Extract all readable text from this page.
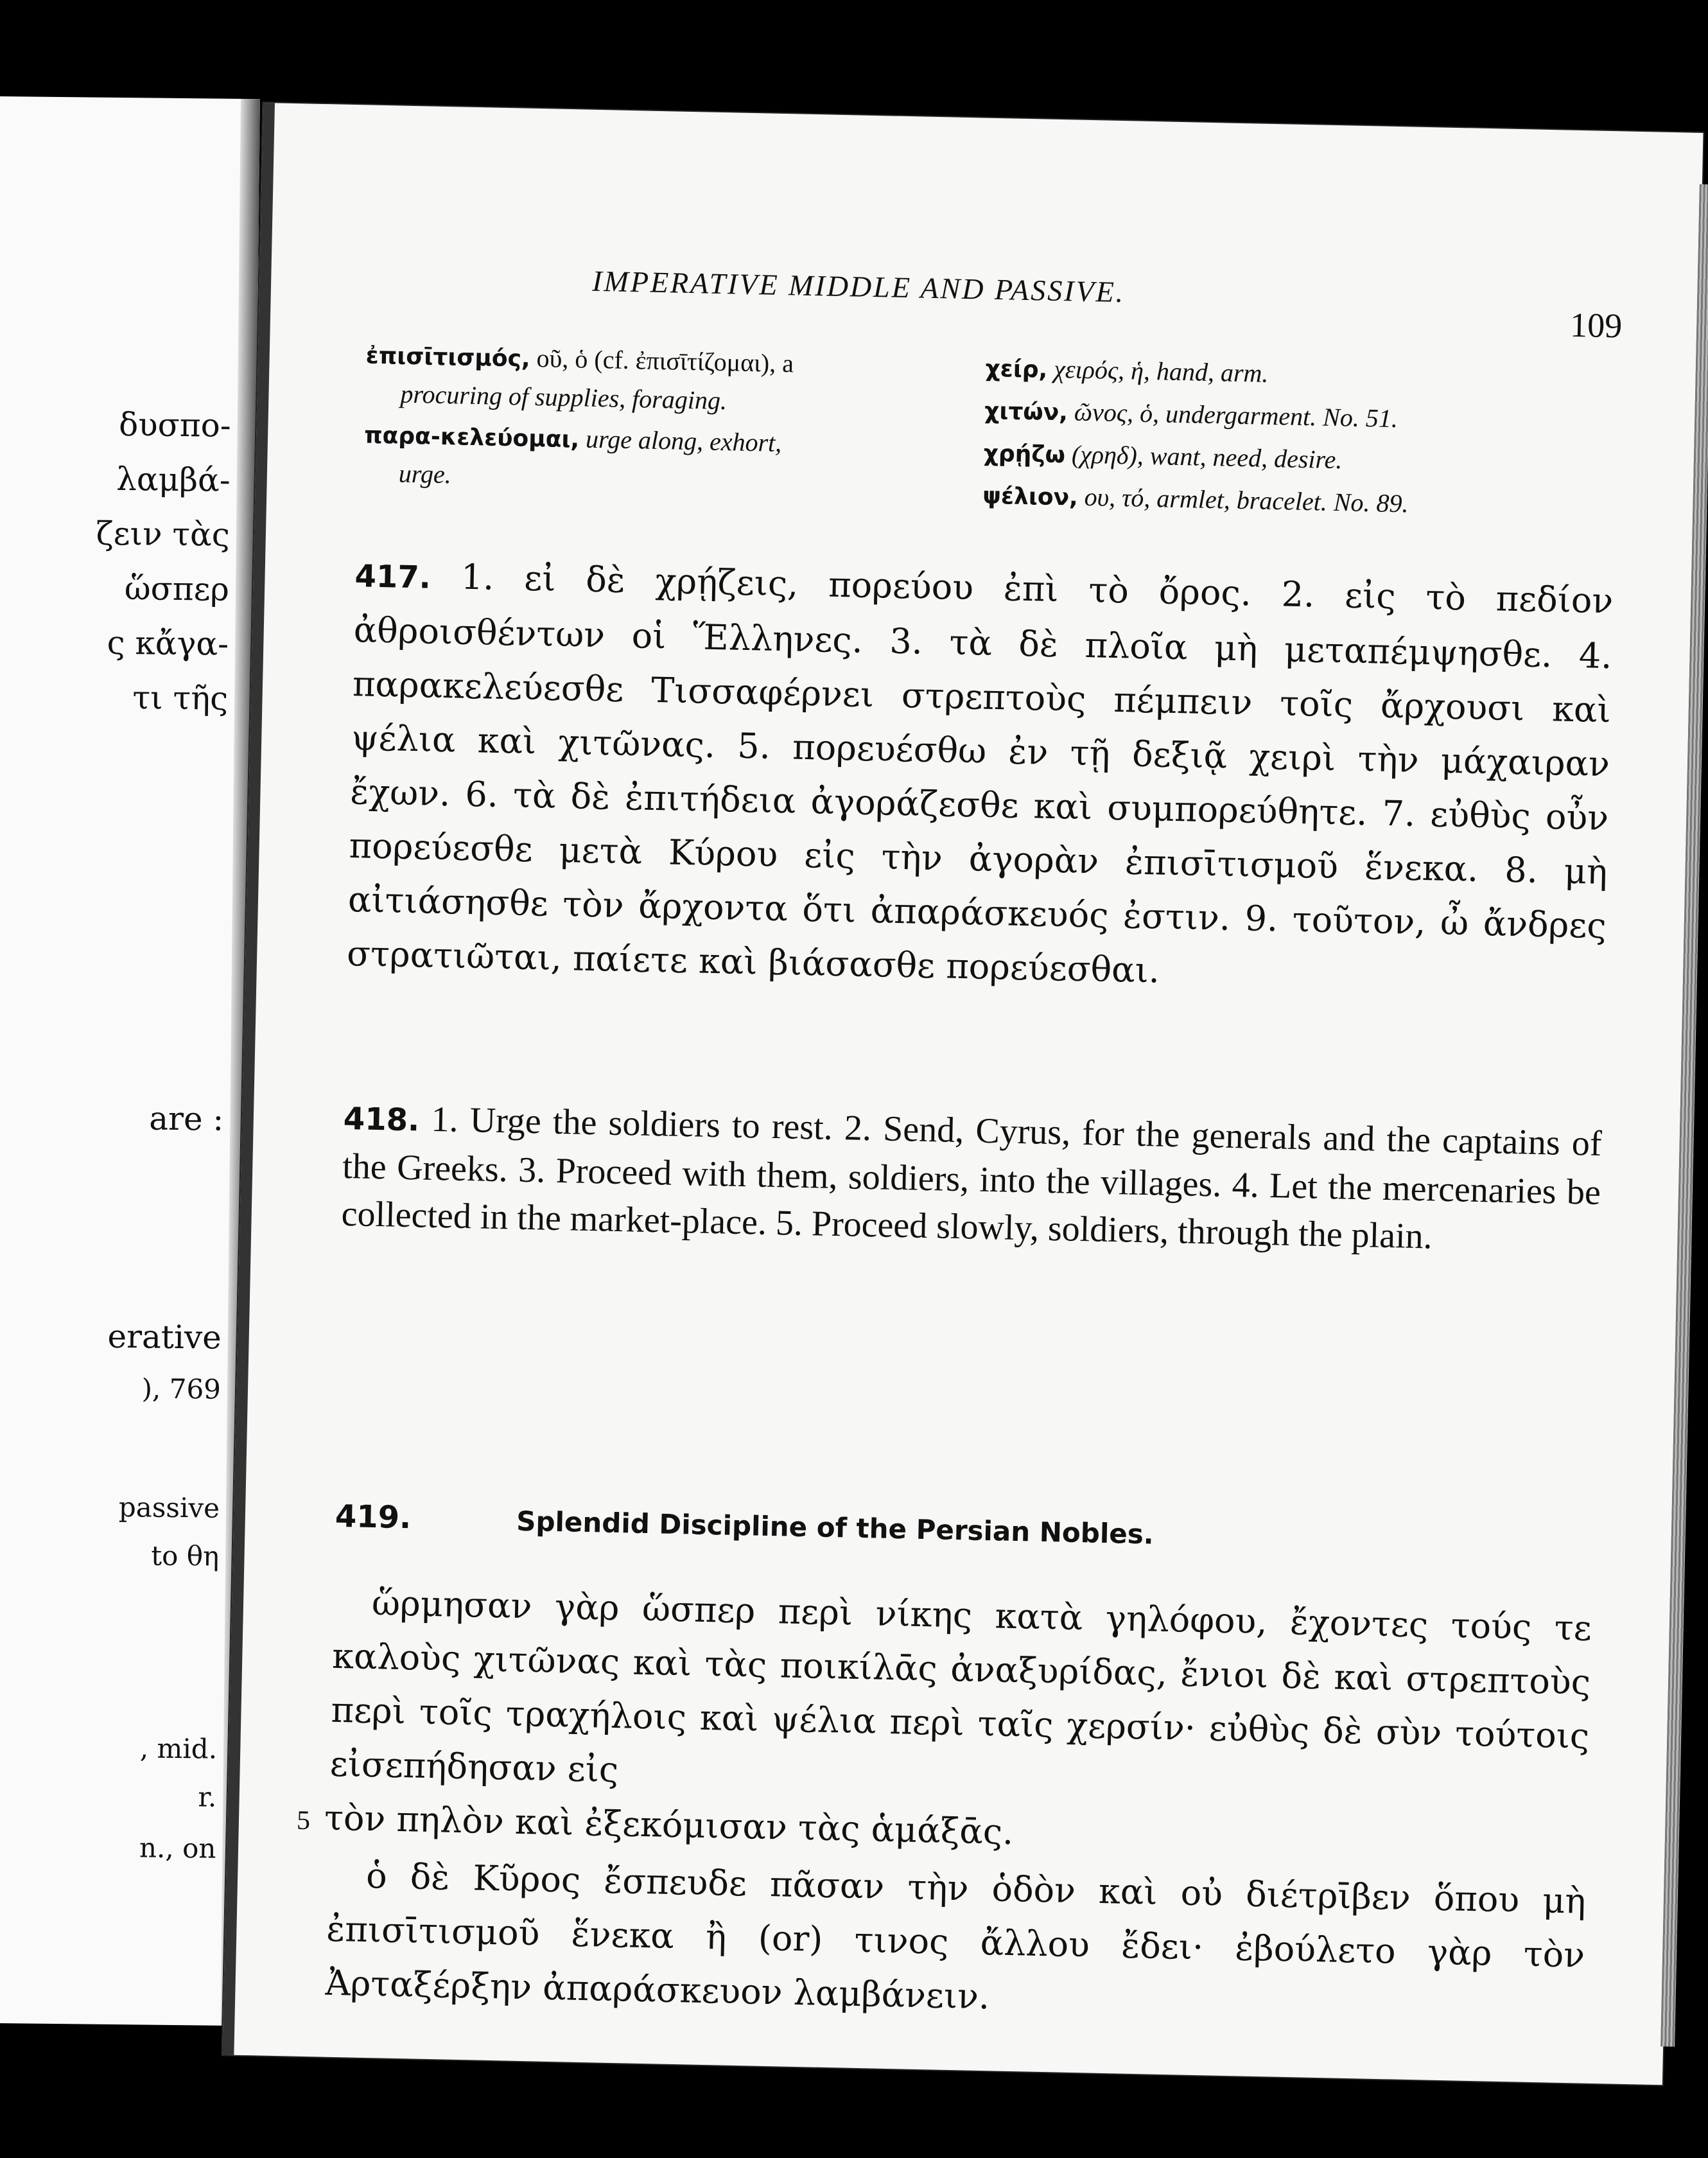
δυσπο-
λαμβά-
ζειν τὰς
ὥσπερ
ς κἄγα-
τι τῆς
are :
erative
), 769
passive
to θη
, mid.
r.
n., on
IMPERATIVE MIDDLE AND PASSIVE.
109
ἐπισῑτισμός, οῦ, ὁ (cf. ἐπισῑτίζομαι), a
procuring of supplies, foraging.
παρα-κελεύομαι, urge along, exhort,
urge.
χείρ, χειρός, ἡ, hand, arm.
χιτών, ῶνος, ὁ, undergarment. No. 51.
χρῄζω (χρηδ), want, need, desire.
ψέλιον, ου, τό, armlet, bracelet. No. 89.
417. 1. εἰ δὲ χρῄζεις, πορεύου ἐπὶ τὸ ὄρος. 2. εἰς τὸ πεδίον ἀθροισθέντων οἱ Ἕλληνες. 3. τὰ δὲ πλοῖα μὴ μεταπέμψησθε. 4. παρακελεύεσθε Τισσαφέρνει στρεπτοὺς πέμπειν τοῖς ἄρχουσι καὶ ψέλια καὶ χιτῶνας. 5. πορευέσθω ἐν τῇ δεξιᾷ χειρὶ τὴν μάχαιραν ἔχων. 6. τὰ δὲ ἐπιτήδεια ἀγοράζεσθε καὶ συμπορεύθητε. 7. εὐθὺς οὖν πορεύεσθε μετὰ Κύρου εἰς τὴν ἀγορὰν ἐπισῑτισμοῦ ἕνεκα. 8. μὴ αἰτιάσησθε τὸν ἄρχοντα ὅτι ἀπαράσκευός ἐστιν. 9. τοῦτον, ὦ ἄνδρες στρατιῶται, παίετε καὶ βιάσασθε πορεύεσθαι.
418. 1. Urge the soldiers to rest. 2. Send, Cyrus, for the generals and the captains of the Greeks. 3. Proceed with them, soldiers, into the villages. 4. Let the mercenaries be collected in the market-place. 5. Proceed slowly, soldiers, through the plain.
419.	Splendid Discipline of the Persian Nobles.

ὥρμησαν γὰρ ὥσπερ περὶ νίκης κατὰ γηλόφου, ἔχοντες τούς τε καλοὺς χιτῶνας καὶ τὰς ποικίλᾱς ἀναξυρίδας, ἔνιοι δὲ καὶ στρεπτοὺς περὶ τοῖς τραχήλοις καὶ ψέλια περὶ ταῖς χερσίν· εὐθὺς δὲ σὺν τούτοις εἰσεπήδησαν εἰς
5 τὸν πηλὸν καὶ ἐξεκόμισαν τὰς ἁμάξᾱς.

ὁ δὲ Κῦρος ἔσπευδε πᾶσαν τὴν ὁδὸν καὶ οὐ διέτρῑβεν ὅπου μὴ ἐπισῑτισμοῦ ἕνεκα ἢ (or) τινος ἄλλου ἔδει· ἐβούλετο γὰρ τὸν Ἀρταξέρξην ἀπαράσκευον λαμβάνειν.
